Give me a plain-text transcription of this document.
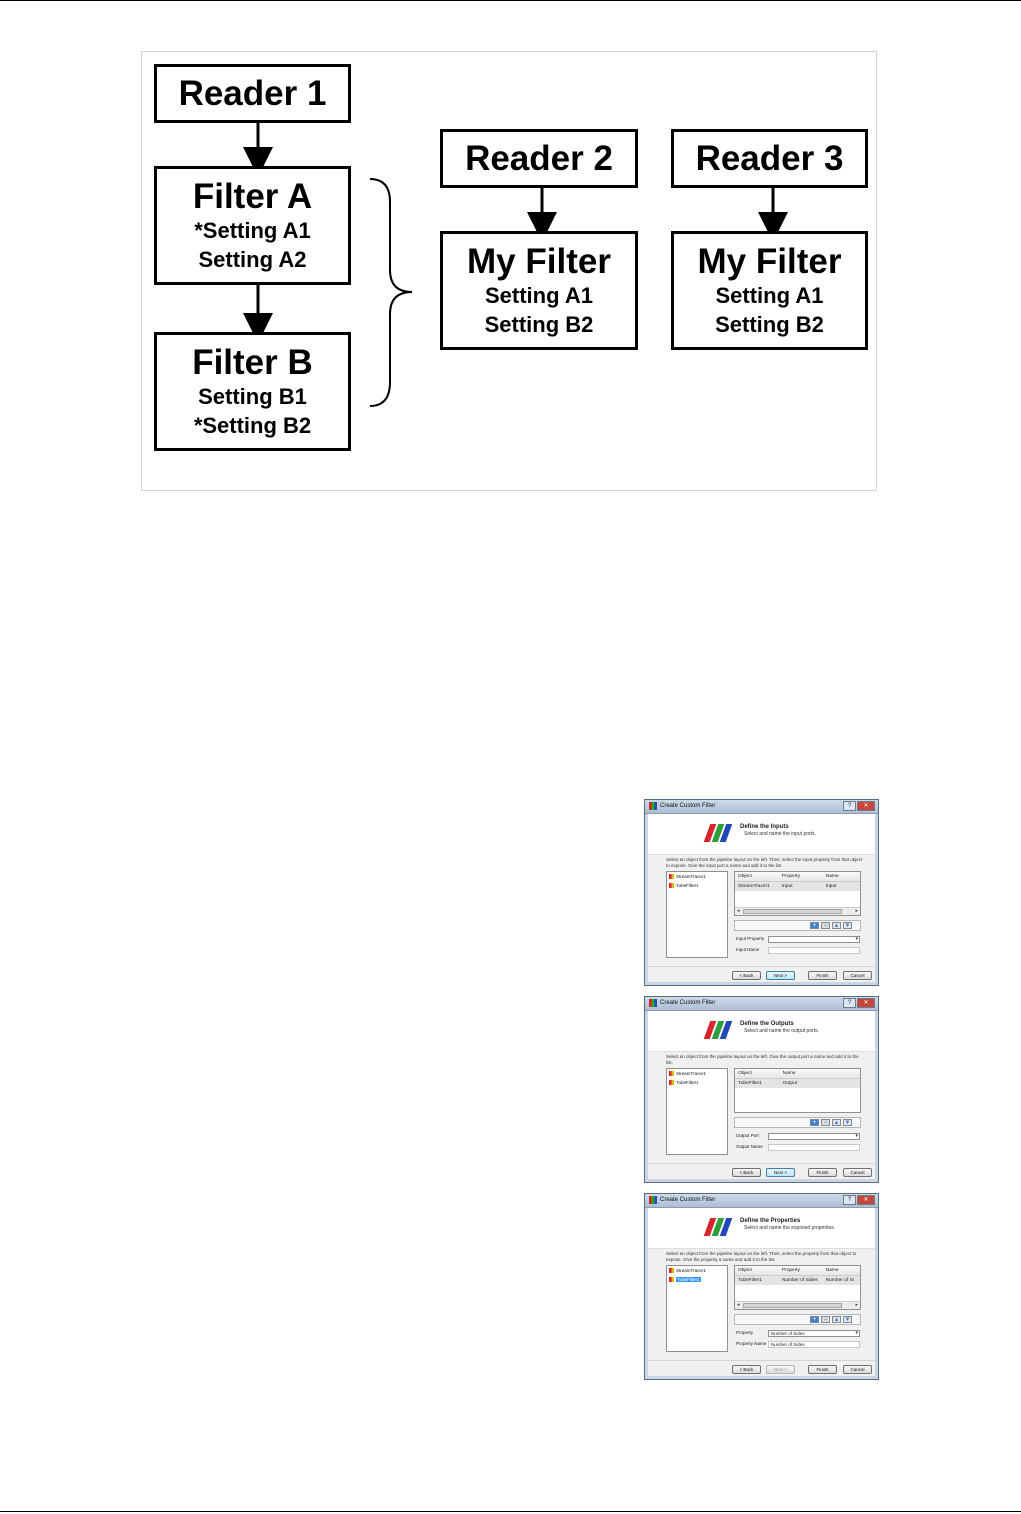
Reader 1
Filter A
*Setting A1
Setting A2
Filter B
Setting B1
*Setting B2
Reader 2
My Filter
Setting A1
Setting B2
Reader 3
My Filter
Setting A1
Setting B2
Create Custom Filter	?	✕
Define the Inputs
Select and name the input ports.
Select an object from the pipeline layout on the left. Then, select the input property from that object to expose. Give the input port a name and add it to the list.
StreamTracer1
TubeFilter1
Object	Property	Name
StreamTracer1	Input	Input
◂	▸
+	−	▲ ▼
Input Property	▾
Input Name
< Back	Next >	Finish	Cancel
Create Custom Filter	?	✕
Define the Outputs
Select and name the output ports.
Select an object from the pipeline layout on the left. Give the output port a name and add it to the list.
StreamTracer1
TubeFilter1
Object	Name
TubeFilter1	Output
+	−	▲ ▼
Output Port	▾
Output Name
< Back	Next >	Finish	Cancel
Create Custom Filter	?	✕
Define the Properties
Select and name the exposed properties.
Select an object from the pipeline layout on the left. Then, select the property from that object to expose. Give the property a name and add it to the list.
StreamTracer1
TubeFilter1
Object	Property	Name
TubeFilter1	Number of Sides	Number of Si
◂	▸
+	−	▲ ▼
Property	Number of Sides	▾
Property Name	Number of Sides
< Back	Next >	Finish	Cancel
